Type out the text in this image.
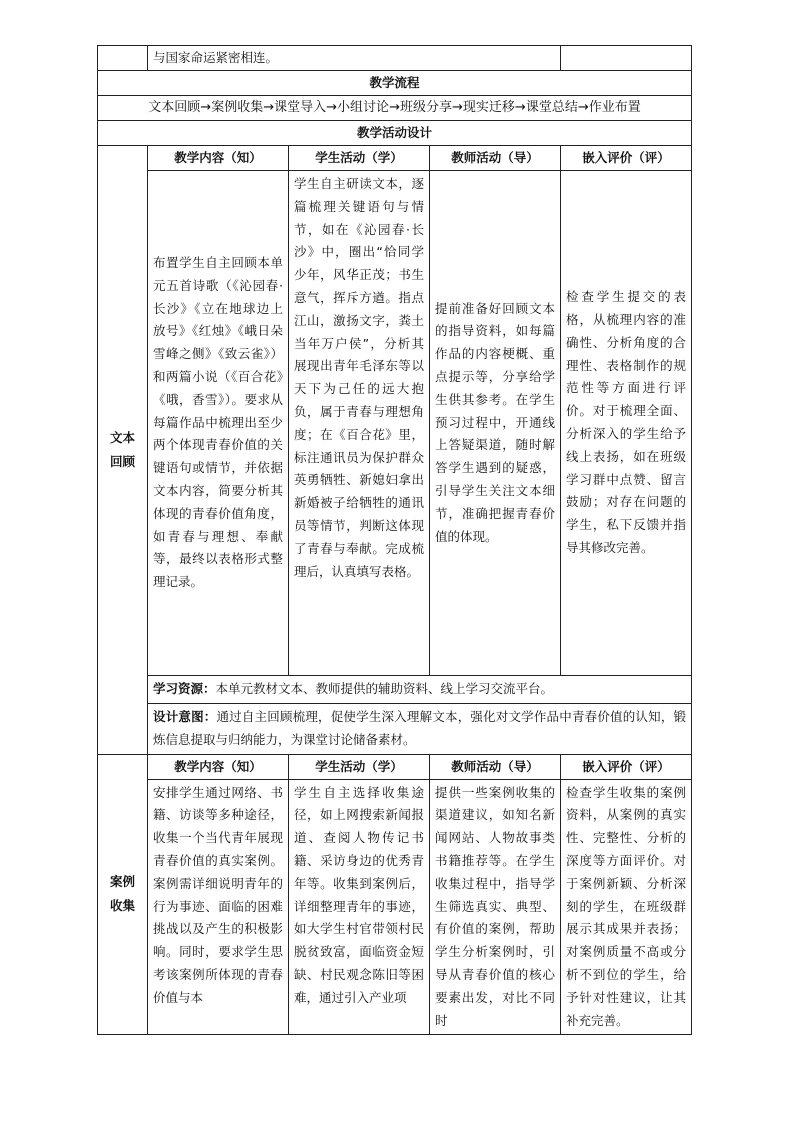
	与国家命运紧密相连。			
教学流程				
文本回顾→案例收集→课堂导入→小组讨论→班级分享→现实迁移→课堂总结→作业布置				
教学活动设计				

文本
回顾	教学内容（知）	学生活动（学）	教师活动（导）	嵌入评价（评）
	布置学生自主回顾本单元五首诗歌（《沁园春·长沙》《立在地球边上放号》《红烛》《峨日朵雪峰之侧》《致云雀》）和两篇小说（《百合花》《哦，香雪》）。要求从每篇作品中梳理出至少两个体现青春价值的关键语句或情节，并依据文本内容，简要分析其体现的青春价值角度，如青春与理想、奉献等，最终以表格形式整理记录。	学生自主研读文本，逐篇梳理关键语句与情节，如在《沁园春·长沙》中，圈出“恰同学少年，风华正茂；书生意气，挥斥方遒。指点江山，激扬文字，粪土当年万户侯”，分析其展现出青年毛泽东等以天下为己任的远大抱负，属于青春与理想角度；在《百合花》里，标注通讯员为保护群众英勇牺牲、新媳妇拿出新婚被子给牺牲的通讯员等情节，判断这体现了青春与奉献。完成梳理后，认真填写表格。	提前准备好回顾文本的指导资料，如每篇作品的内容梗概、重点提示等，分享给学生供其参考。在学生预习过程中，开通线上答疑渠道，随时解答学生遇到的疑惑，引导学生关注文本细节，准确把握青春价值的体现。	检查学生提交的表格，从梳理内容的准确性、分析角度的合理性、表格制作的规范性等方面进行评价。对于梳理全面、分析深入的学生给予线上表扬，如在班级学习群中点赞、留言鼓励；对存在问题的学生，私下反馈并指导其修改完善。
	学习资源：本单元教材文本、教师提供的辅助资料、线上学习交流平台。			
	设计意图：通过自主回顾梳理，促使学生深入理解文本，强化对文学作品中青春价值的认知，锻炼信息提取与归纳能力，为课堂讨论储备素材。			

案例
收集	教学内容（知）	学生活动（学）	教师活动（导）	嵌入评价（评）
	安排学生通过网络、书籍、访谈等多种途径，收集一个当代青年展现青春价值的真实案例。案例需详细说明青年的行为事迹、面临的困难挑战以及产生的积极影响。同时，要求学生思考该案例所体现的青春价值与本	学生自主选择收集途径，如上网搜索新闻报道、查阅人物传记书籍、采访身边的优秀青年等。收集到案例后，详细整理青年的事迹，如大学生村官带领村民脱贫致富，面临资金短缺、村民观念陈旧等困难，通过引入产业项	提供一些案例收集的渠道建议，如知名新闻网站、人物故事类书籍推荐等。在学生收集过程中，指导学生筛选真实、典型、有价值的案例，帮助学生分析案例时，引导从青春价值的核心要素出发，对比不同时	检查学生收集的案例资料，从案例的真实性、完整性、分析的深度等方面评价。对于案例新颖、分析深刻的学生，在班级群展示其成果并表扬；对案例质量不高或分析不到位的学生，给予针对性建议，让其补充完善。
